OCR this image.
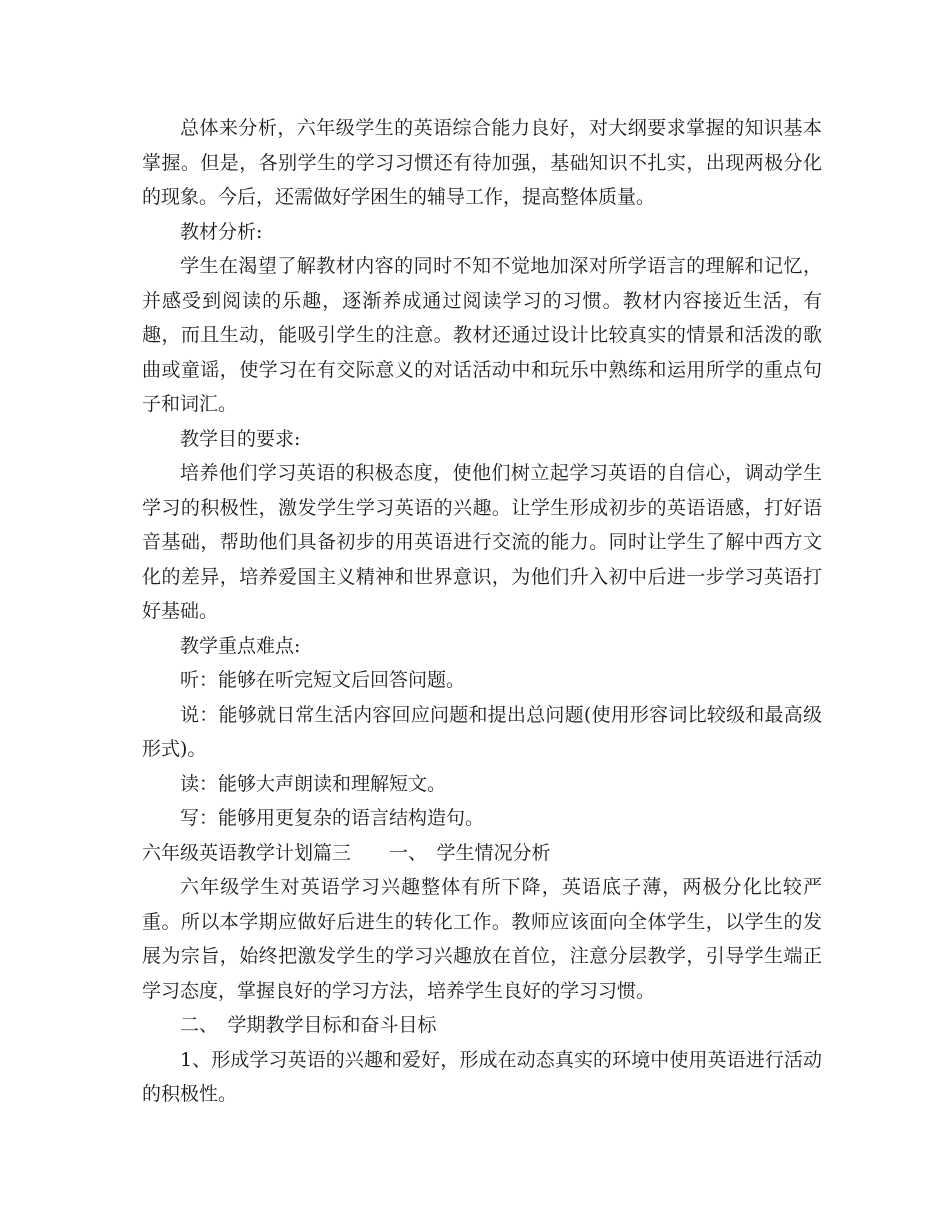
总体来分析，六年级学生的英语综合能力良好，对大纲要求掌握的知识基本掌握。但是，各别学生的学习习惯还有待加强，基础知识不扎实，出现两极分化的现象。今后，还需做好学困生的辅导工作，提高整体质量。

教材分析:

学生在渴望了解教材内容的同时不知不觉地加深对所学语言的理解和记忆，并感受到阅读的乐趣，逐渐养成通过阅读学习的习惯。教材内容接近生活，有趣，而且生动，能吸引学生的注意。教材还通过设计比较真实的情景和活泼的歌曲或童谣，使学习在有交际意义的对话活动中和玩乐中熟练和运用所学的重点句子和词汇。

教学目的要求:

培养他们学习英语的积极态度，使他们树立起学习英语的自信心，调动学生学习的积极性，激发学生学习英语的兴趣。让学生形成初步的英语语感，打好语音基础，帮助他们具备初步的用英语进行交流的能力。同时让学生了解中西方文化的差异，培养爱国主义精神和世界意识，为他们升入初中后进一步学习英语打好基础。

教学重点难点:

听：能够在听完短文后回答问题。

说：能够就日常生活内容回应问题和提出总问题(使用形容词比较级和最高级形式)。

读：能够大声朗读和理解短文。

写：能够用更复杂的语言结构造句。

六年级英语教学计划篇三　　一、　学生情况分析

六年级学生对英语学习兴趣整体有所下降，英语底子薄，两极分化比较严重。所以本学期应做好后进生的转化工作。教师应该面向全体学生，以学生的发展为宗旨，始终把激发学生的学习兴趣放在首位，注意分层教学，引导学生端正学习态度，掌握良好的学习方法，培养学生良好的学习习惯。

二、　学期教学目标和奋斗目标

1、形成学习英语的兴趣和爱好，形成在动态真实的环境中使用英语进行活动的积极性。
